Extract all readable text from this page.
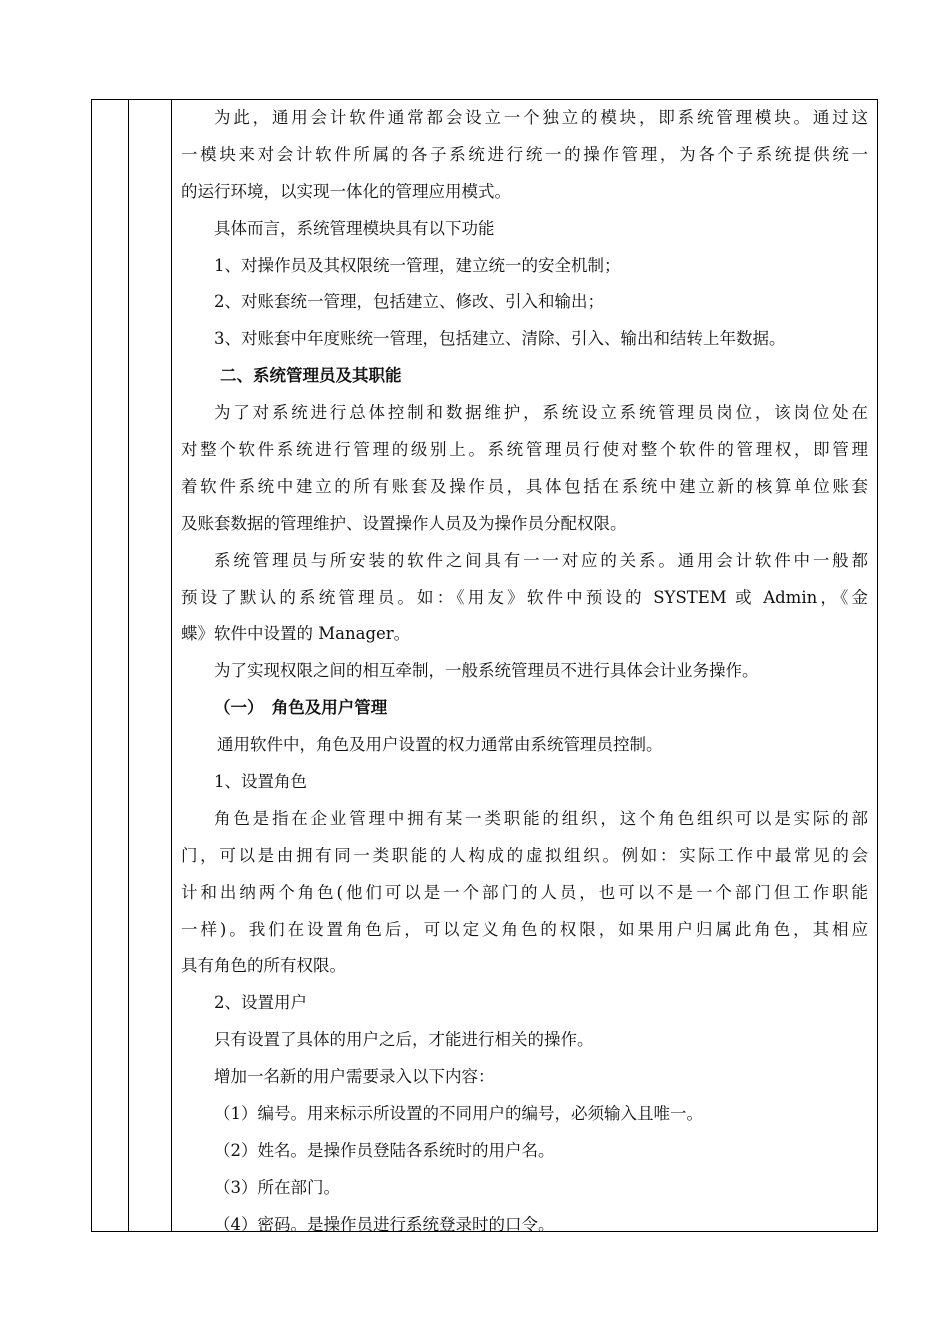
为此，通用会计软件通常都会设立一个独立的模块，即系统管理模块。通过这
一模块来对会计软件所属的各子系统进行统一的操作管理，为各个子系统提供统一
的运行环境，以实现一体化的管理应用模式。
具体而言，系统管理模块具有以下功能
1、对操作员及其权限统一管理，建立统一的安全机制；
2、对账套统一管理，包括建立、修改、引入和输出；
3、对账套中年度账统一管理，包括建立、清除、引入、输出和结转上年数据。
二、系统管理员及其职能
为了对系统进行总体控制和数据维护，系统设立系统管理员岗位，该岗位处在
对整个软件系统进行管理的级别上。系统管理员行使对整个软件的管理权，即管理
着软件系统中建立的所有账套及操作员，具体包括在系统中建立新的核算单位账套
及账套数据的管理维护、设置操作人员及为操作员分配权限。
系统管理员与所安装的软件之间具有一一对应的关系。通用会计软件中一般都
预设了默认的系统管理员。如：《用友》软件中预设的 SYSTEM 或 Admin，《金
蝶》软件中设置的 Manager。
为了实现权限之间的相互牵制，一般系统管理员不进行具体会计业务操作。
（一）　角色及用户管理
通用软件中，角色及用户设置的权力通常由系统管理员控制。
1、设置角色
角色是指在企业管理中拥有某一类职能的组织，这个角色组织可以是实际的部
门，可以是由拥有同一类职能的人构成的虚拟组织。例如：实际工作中最常见的会
计和出纳两个角色(他们可以是一个部门的人员，也可以不是一个部门但工作职能
一样)。我们在设置角色后，可以定义角色的权限，如果用户归属此角色，其相应
具有角色的所有权限。
2、设置用户
只有设置了具体的用户之后，才能进行相关的操作。
增加一名新的用户需要录入以下内容：
（1）编号。用来标示所设置的不同用户的编号，必须输入且唯一。
（2）姓名。是操作员登陆各系统时的用户名。
（3）所在部门。
（4）密码。是操作员进行系统登录时的口令。
